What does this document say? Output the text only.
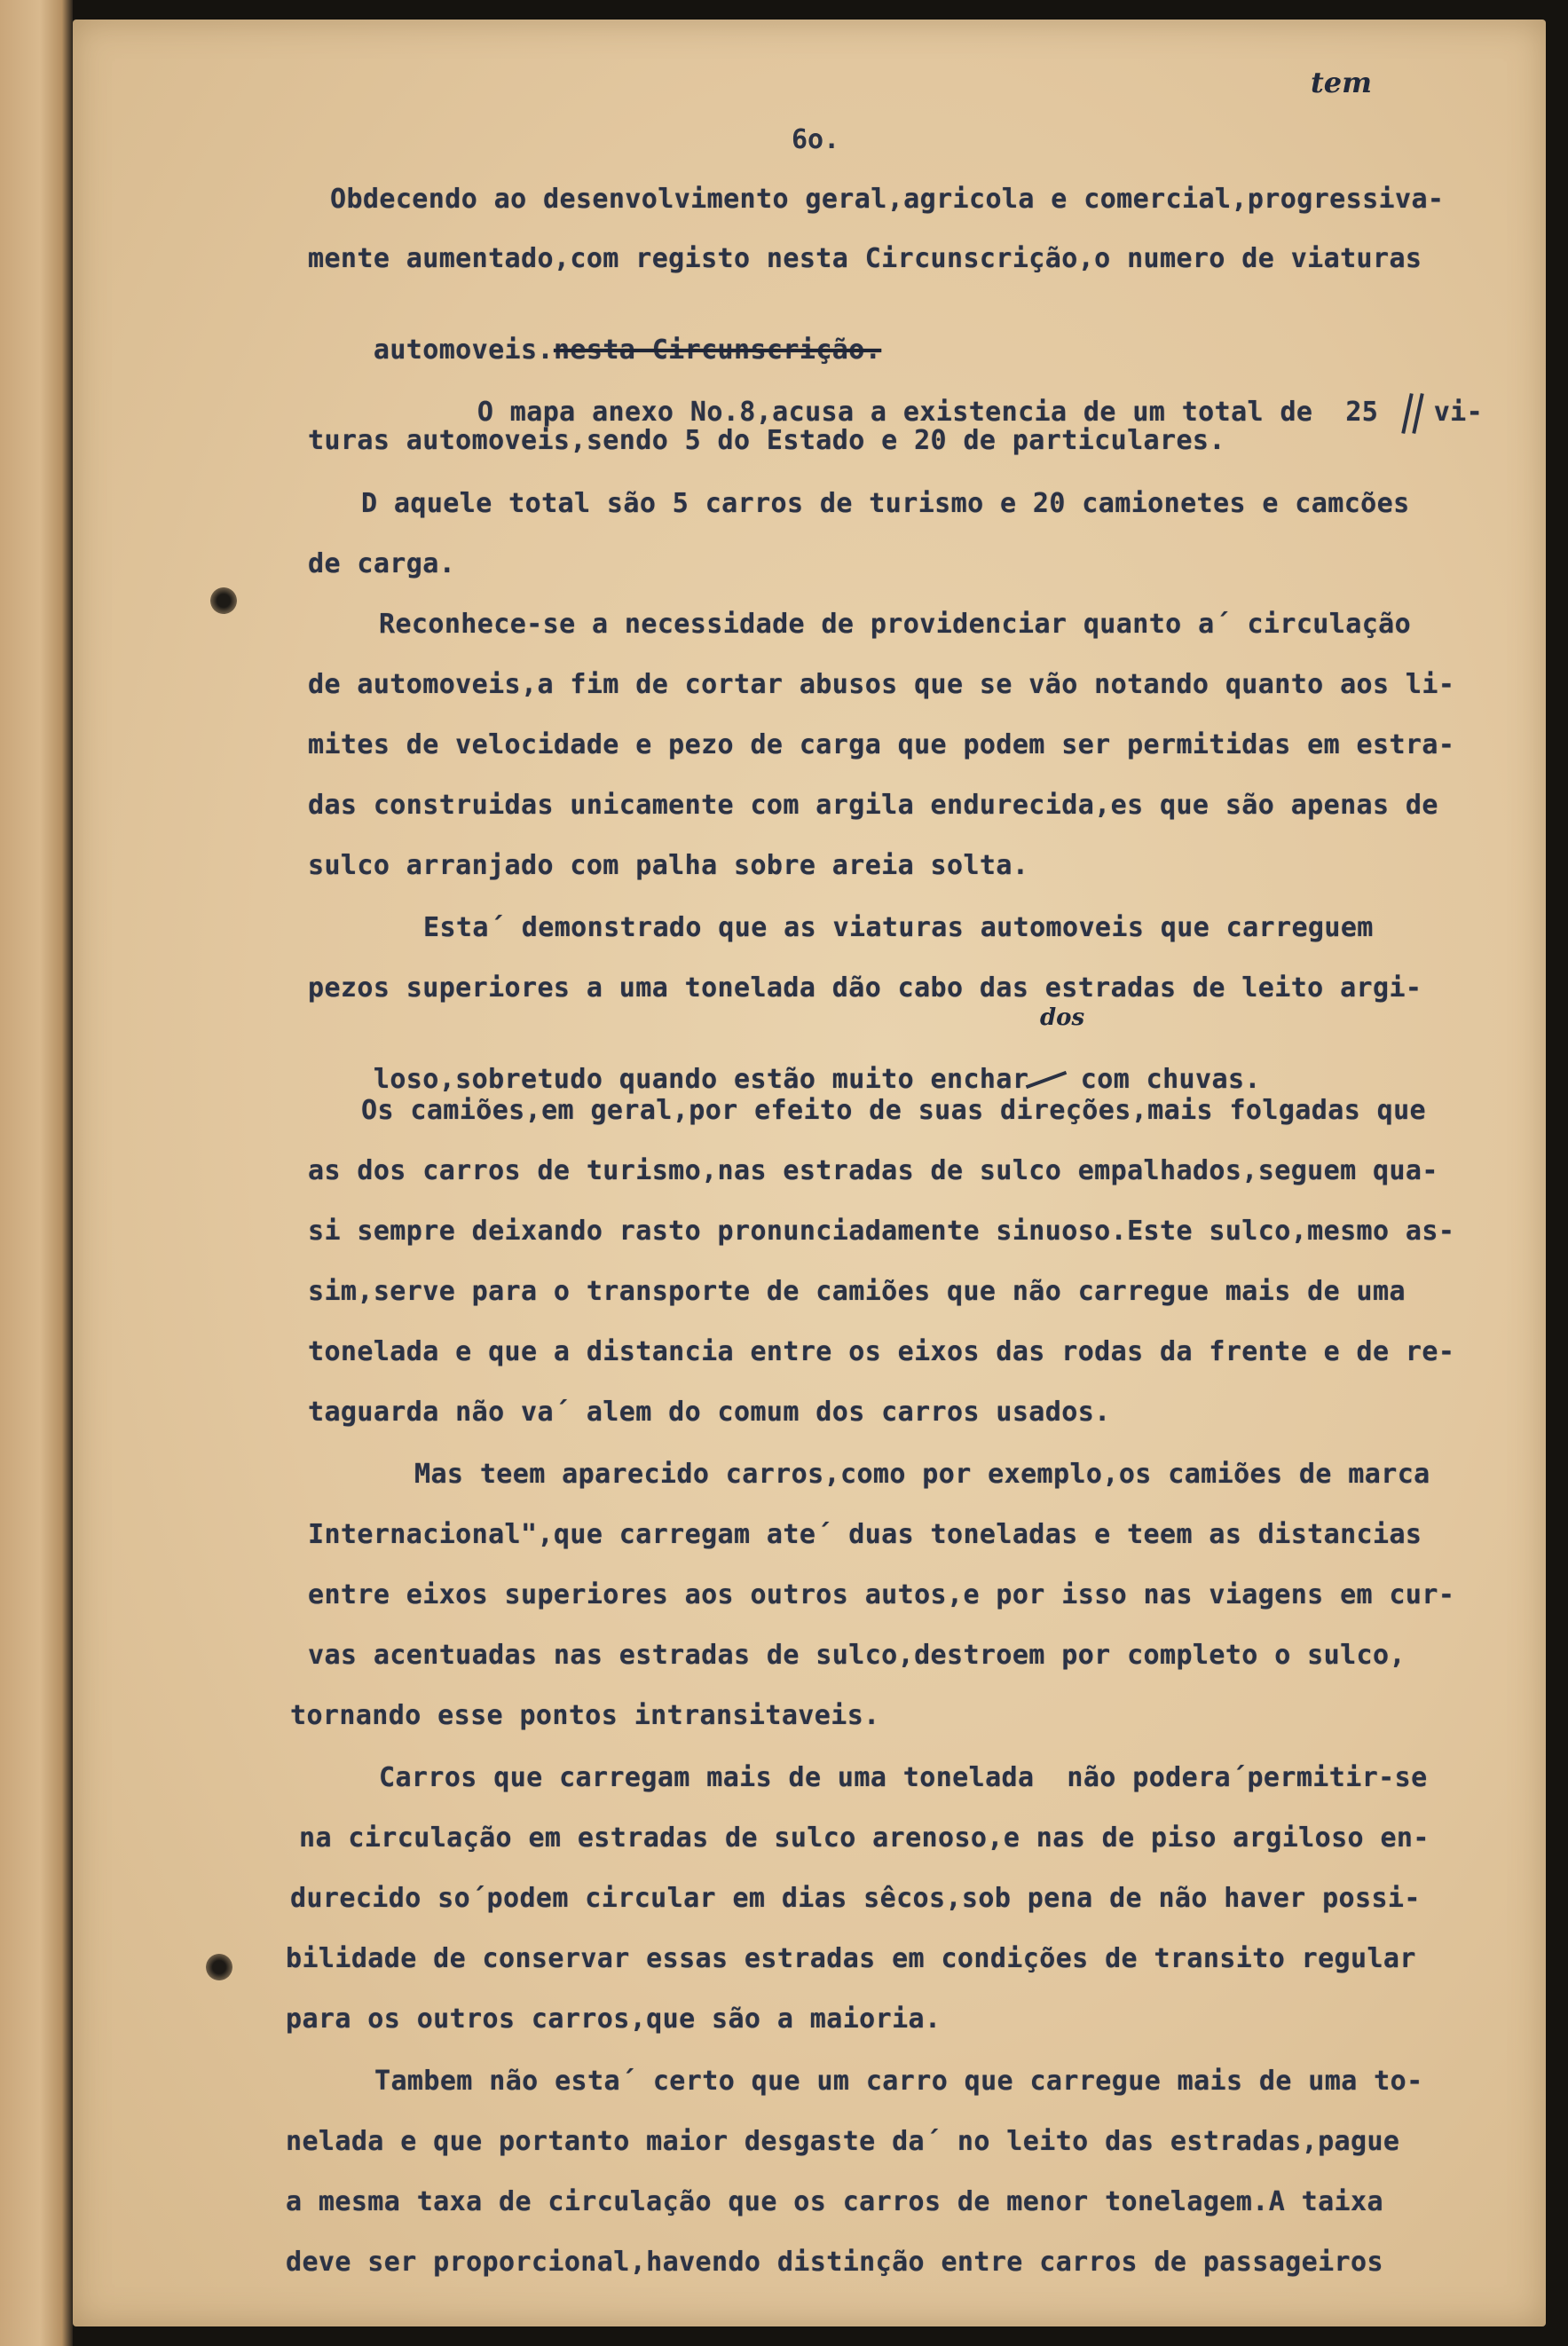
6o.
tem
Obdecendo ao desenvolvimento geral,agricola e comercial,progressiva-
mente aumentado,com registo nesta Circunscrição,o numero de viaturas

automoveis.nesta Circunscrição.

O mapa anexo No.8,acusa a existencia de um total de  25
vi-

turas automoveis,sendo 5 do Estado e 20 de particulares.
D aquele total são 5 carros de turismo e 20 camionetes e camcões
de carga.
Reconhece-se a necessidade de providenciar quanto a´ circulação
de automoveis,a fim de cortar abusos que se vão notando quanto aos li-
mites de velocidade e pezo de carga que podem ser permitidas em estra-
das construidas unicamente com argila endurecida,es que são apenas de
sulco arranjado com palha sobre areia solta.
Esta´ demonstrado que as viaturas automoveis que carreguem
pezos superiores a uma tonelada dão cabo das estradas de leito argi-

loso,sobretudo quando estão muito enchar
com chuvas.

dos
Os camiões,em geral,por efeito de suas direções,mais folgadas que
as dos carros de turismo,nas estradas de sulco empalhados,seguem qua-
si sempre deixando rasto pronunciadamente sinuoso.Este sulco,mesmo as-
sim,serve para o transporte de camiões que não carregue mais de uma
tonelada e que a distancia entre os eixos das rodas da frente e de re-
taguarda não va´ alem do comum dos carros usados.
Mas teem aparecido carros,como por exemplo,os camiões de marca
Internacional",que carregam ate´ duas toneladas e teem as distancias
entre eixos superiores aos outros autos,e por isso nas viagens em cur-
vas acentuadas nas estradas de sulco,destroem por completo o sulco,
tornando esse pontos intransitaveis.
Carros que carregam mais de uma tonelada  não podera´permitir-se
na circulação em estradas de sulco arenoso,e nas de piso argiloso en-
durecido so´podem circular em dias sêcos,sob pena de não haver possi-
bilidade de conservar essas estradas em condições de transito regular
para os outros carros,que são a maioria.
Tambem não esta´ certo que um carro que carregue mais de uma to-
nelada e que portanto maior desgaste da´ no leito das estradas,pague
a mesma taxa de circulação que os carros de menor tonelagem.A taixa
deve ser proporcional,havendo distinção entre carros de passageiros
